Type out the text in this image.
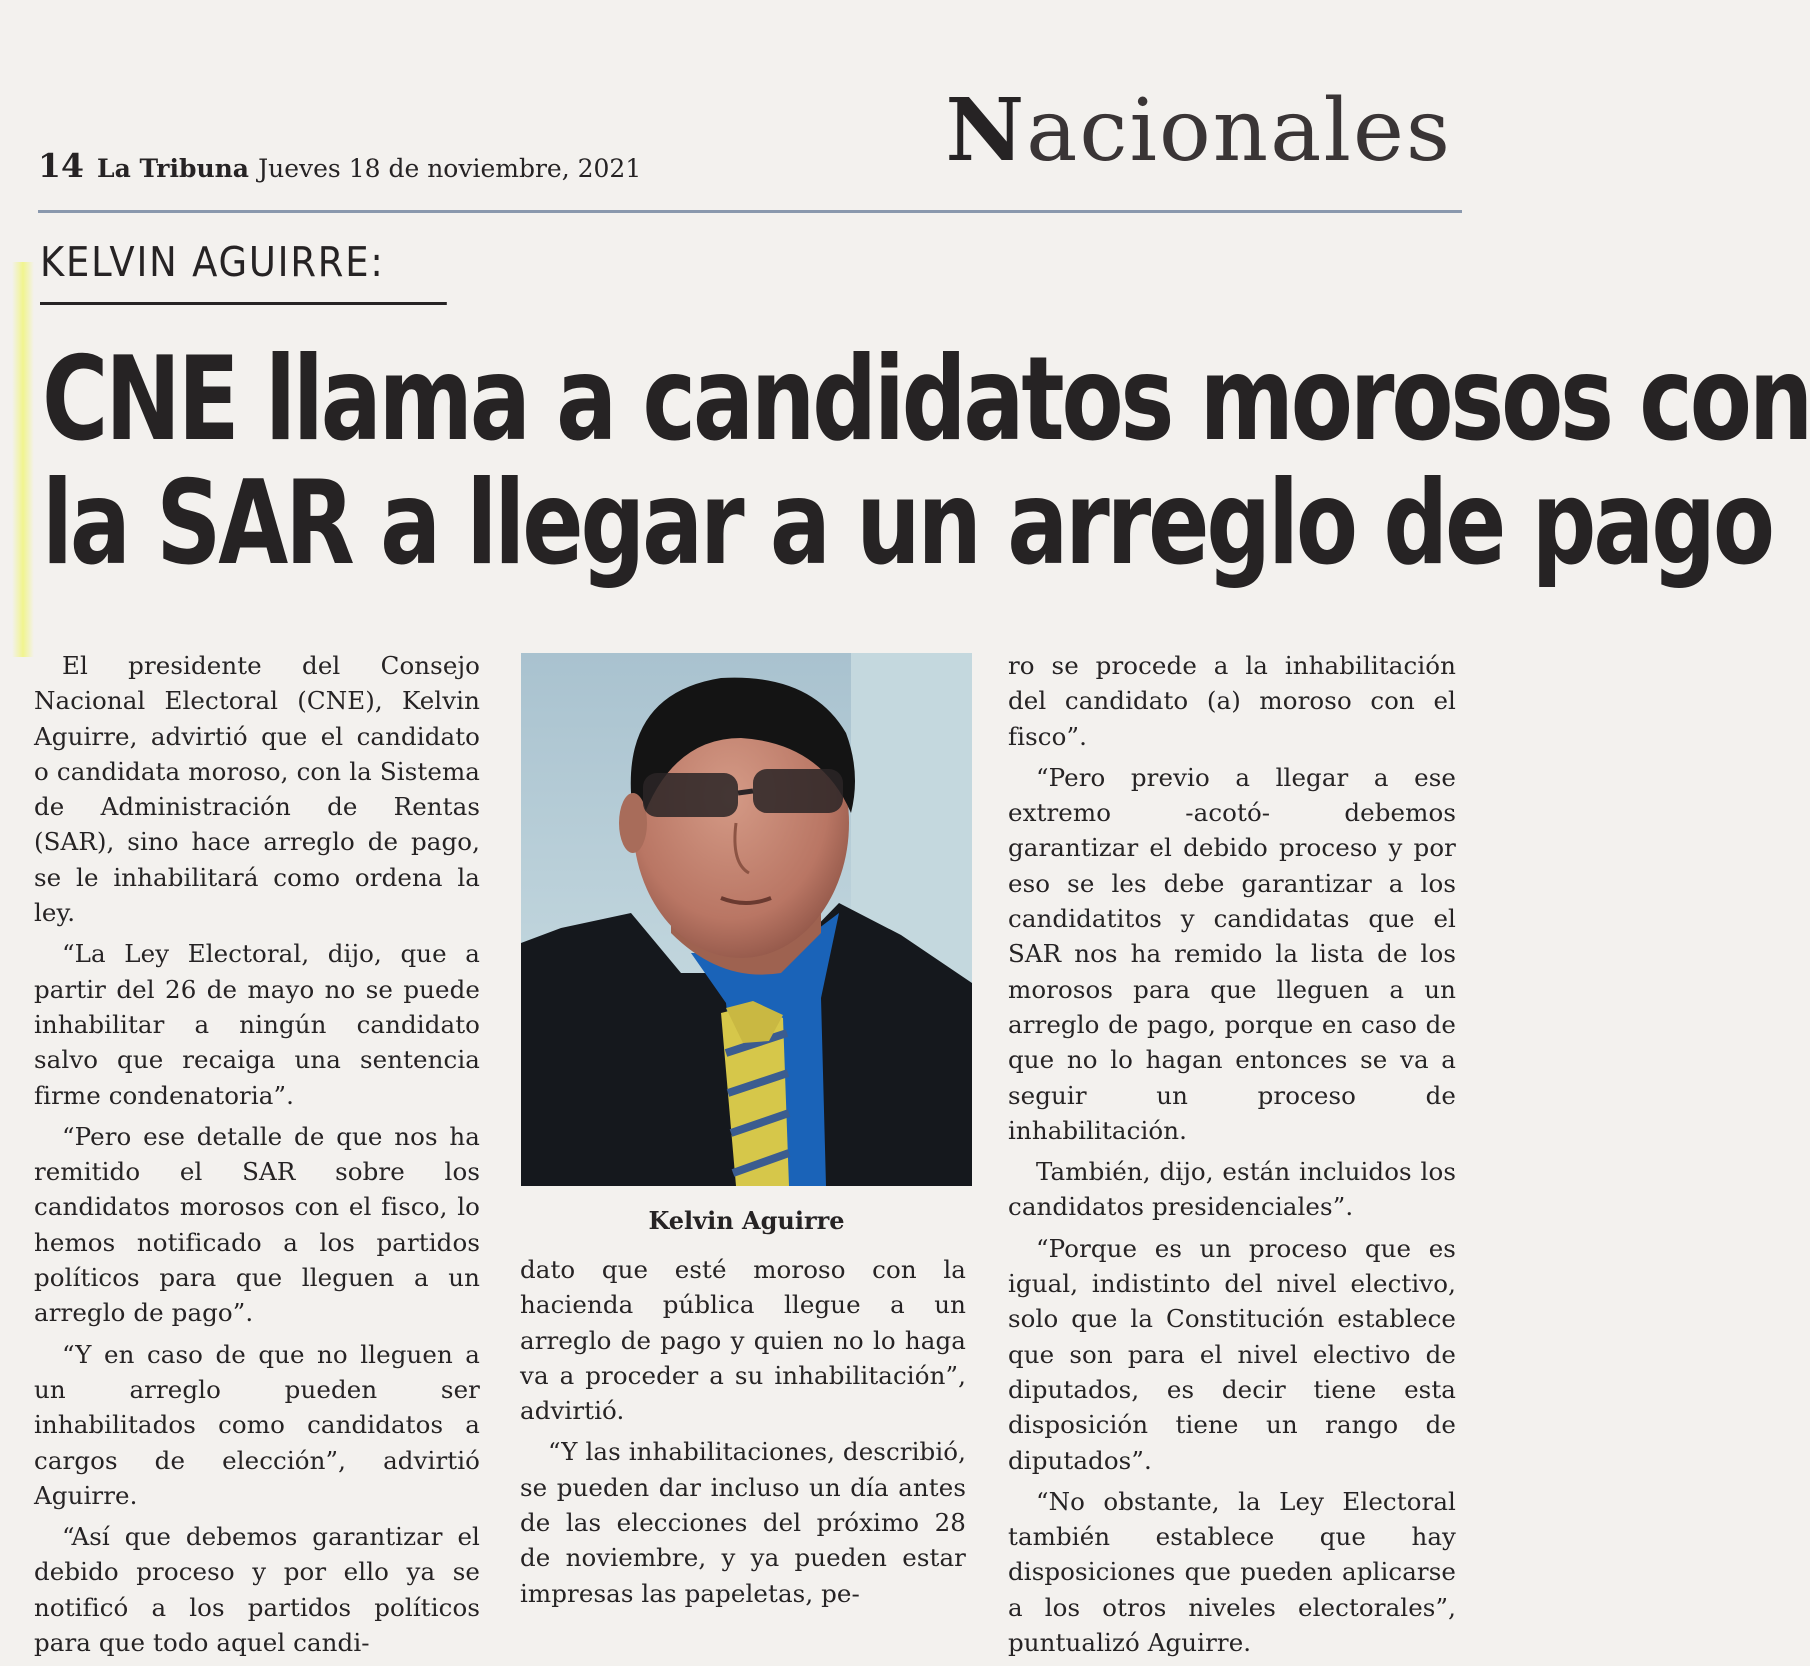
14 La Tribuna Jueves 18 de noviembre, 2021	Nacionales
KELVIN AGUIRRE:
CNE llama a candidatos morosos con
la SAR a llegar a un arreglo de pago

El presidente del Consejo Nacional Electoral (CNE), Kelvin Aguirre, advirtió que el candidato o candidata moroso, con la Sistema de Administración de Rentas (SAR), sino hace arreglo de pago, se le inhabilitará como ordena la ley.

“La Ley Electoral, dijo, que a partir del 26 de mayo no se puede inhabilitar a ningún candidato salvo que recaiga una sentencia firme condenatoria”.

“Pero ese detalle de que nos ha remitido el SAR sobre los candidatos morosos con el fisco, lo hemos notificado a los partidos políticos para que lleguen a un arreglo de pago”.

“Y en caso de que no lleguen a un arreglo pueden ser inhabilitados como candidatos a cargos de elección”, advirtió Aguirre.

“Así que debemos garantizar el debido proceso y por ello ya se notificó a los partidos políticos para que todo aquel candi-

Kelvin Aguirre

dato que esté moroso con la hacienda pública llegue a un arreglo de pago y quien no lo haga va a proceder a su inhabilitación”, advirtió.

“Y las inhabilitaciones, describió, se pueden dar incluso un día antes de las elecciones del próximo 28 de noviembre, y ya pueden estar impresas las papeletas, pe-

ro se procede a la inhabilitación del candidato (a) moroso con el fisco”.

“Pero previo a llegar a ese extremo -acotó- debemos garantizar el debido proceso y por eso se les debe garantizar a los candidatitos y candidatas que el SAR nos ha remido la lista de los morosos para que lleguen a un arreglo de pago, porque en caso de que no lo hagan entonces se va a seguir un proceso de inhabilitación.

También, dijo, están incluidos los candidatos presidenciales”.

“Porque es un proceso que es igual, indistinto del nivel electivo, solo que la Constitución establece que son para el nivel electivo de diputados, es decir tiene esta disposición tiene un rango de diputados”.

“No obstante, la Ley Electoral también establece que hay disposiciones que pueden aplicarse a los otros niveles electorales”, puntualizó Aguirre.
